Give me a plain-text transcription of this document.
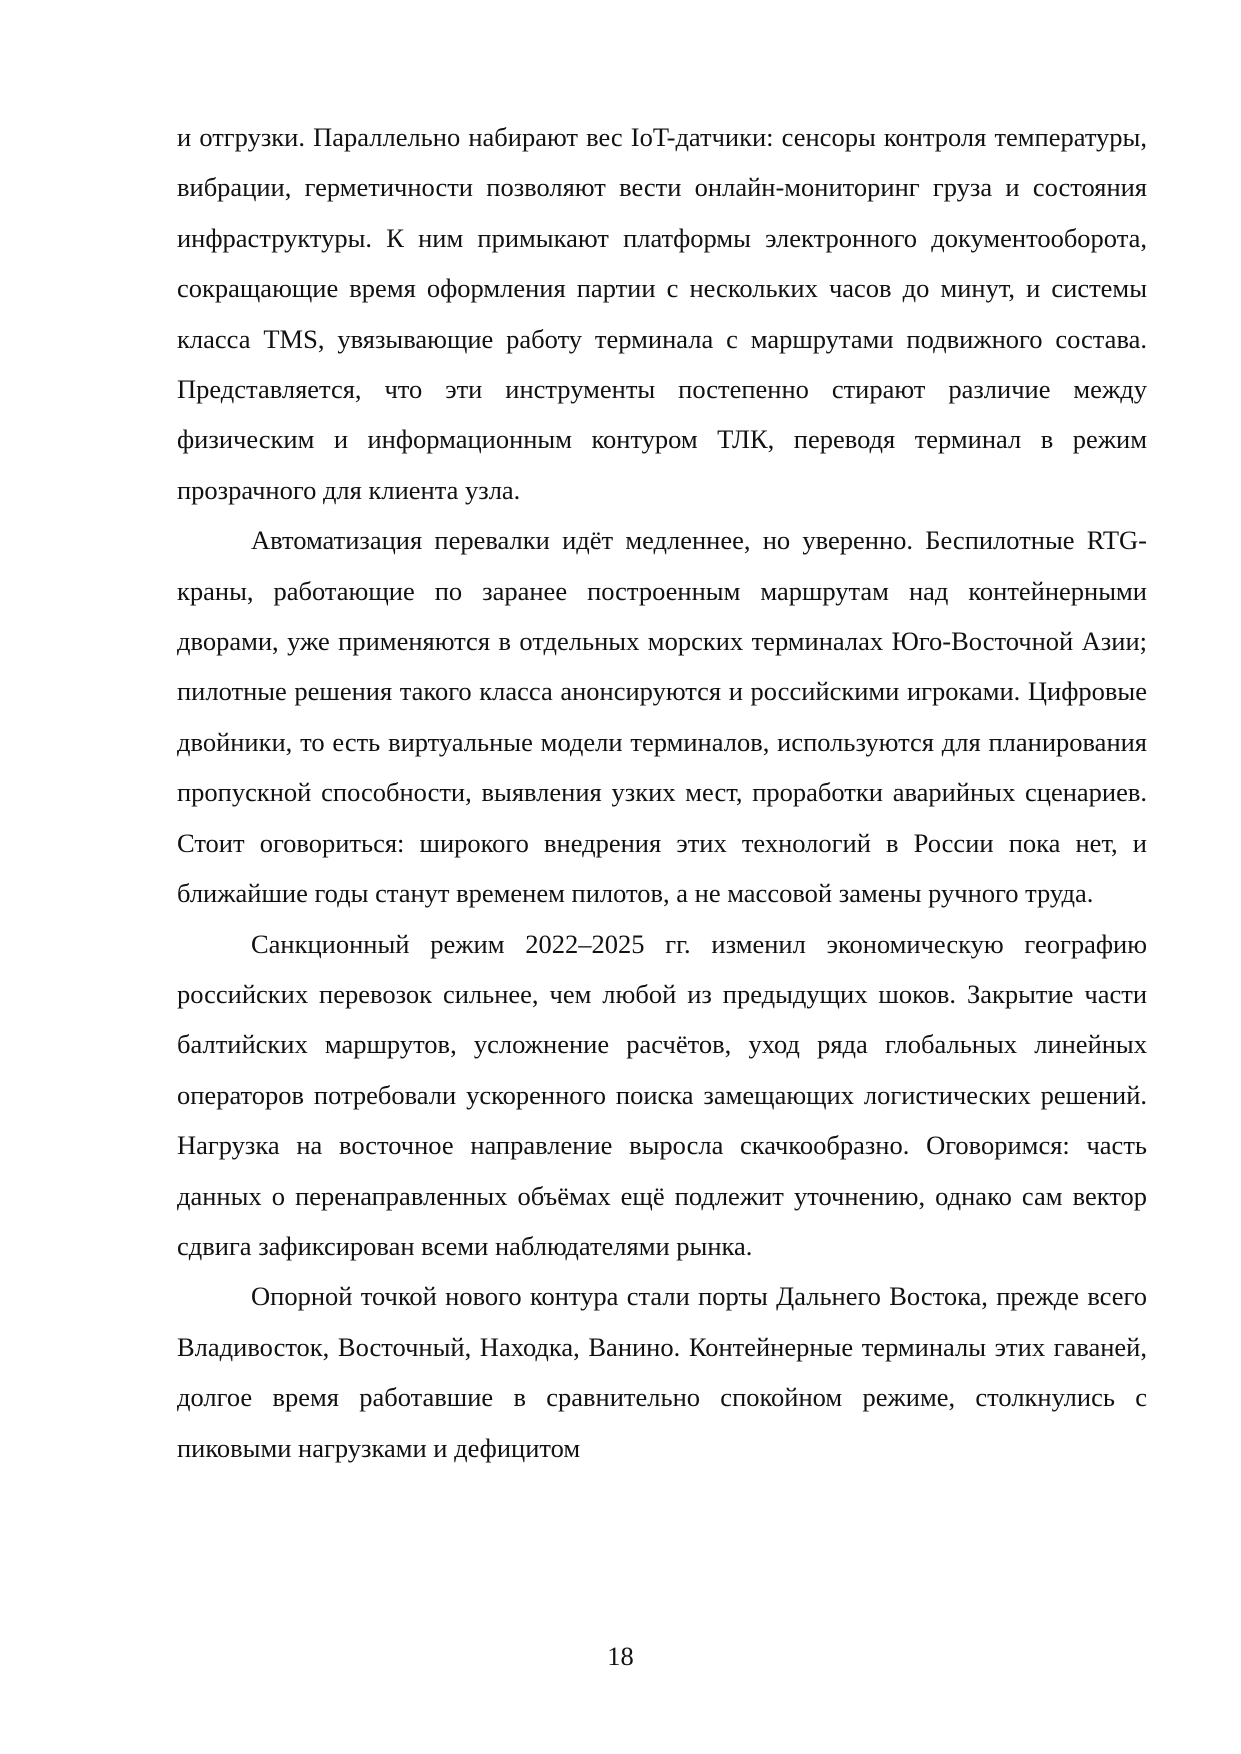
и отгрузки. Параллельно набирают вес IoT-датчики: сенсоры контроля температуры, вибрации, герметичности позволяют вести онлайн-мониторинг груза и состояния инфраструктуры. К ним примыкают платформы электронного документооборота, сокращающие время оформления партии с нескольких часов до минут, и системы класса TMS, увязывающие работу терминала с маршрутами подвижного состава. Представляется, что эти инструменты постепенно стирают различие между физическим и информационным контуром ТЛК, переводя терминал в режим прозрачного для клиента узла.

Автоматизация перевалки идёт медленнее, но уверенно. Беспилотные RTG-краны, работающие по заранее построенным маршрутам над контейнерными дворами, уже применяются в отдельных морских терминалах Юго-Восточной Азии; пилотные решения такого класса анонсируются и российскими игроками. Цифровые двойники, то есть виртуальные модели терминалов, используются для планирования пропускной способности, выявления узких мест, проработки аварийных сценариев. Стоит оговориться: широкого внедрения этих технологий в России пока нет, и ближайшие годы станут временем пилотов, а не массовой замены ручного труда.

Санкционный режим 2022–2025 гг. изменил экономическую географию российских перевозок сильнее, чем любой из предыдущих шоков. Закрытие части балтийских маршрутов, усложнение расчётов, уход ряда глобальных линейных операторов потребовали ускоренного поиска замещающих логистических решений. Нагрузка на восточное направление выросла скачкообразно. Оговоримся: часть данных о перенаправленных объёмах ещё подлежит уточнению, однако сам вектор сдвига зафиксирован всеми наблюдателями рынка.

Опорной точкой нового контура стали порты Дальнего Востока, прежде всего Владивосток, Восточный, Находка, Ванино. Контейнерные терминалы этих гаваней, долгое время работавшие в сравнительно спокойном режиме, столкнулись с пиковыми нагрузками и дефицитом

18
